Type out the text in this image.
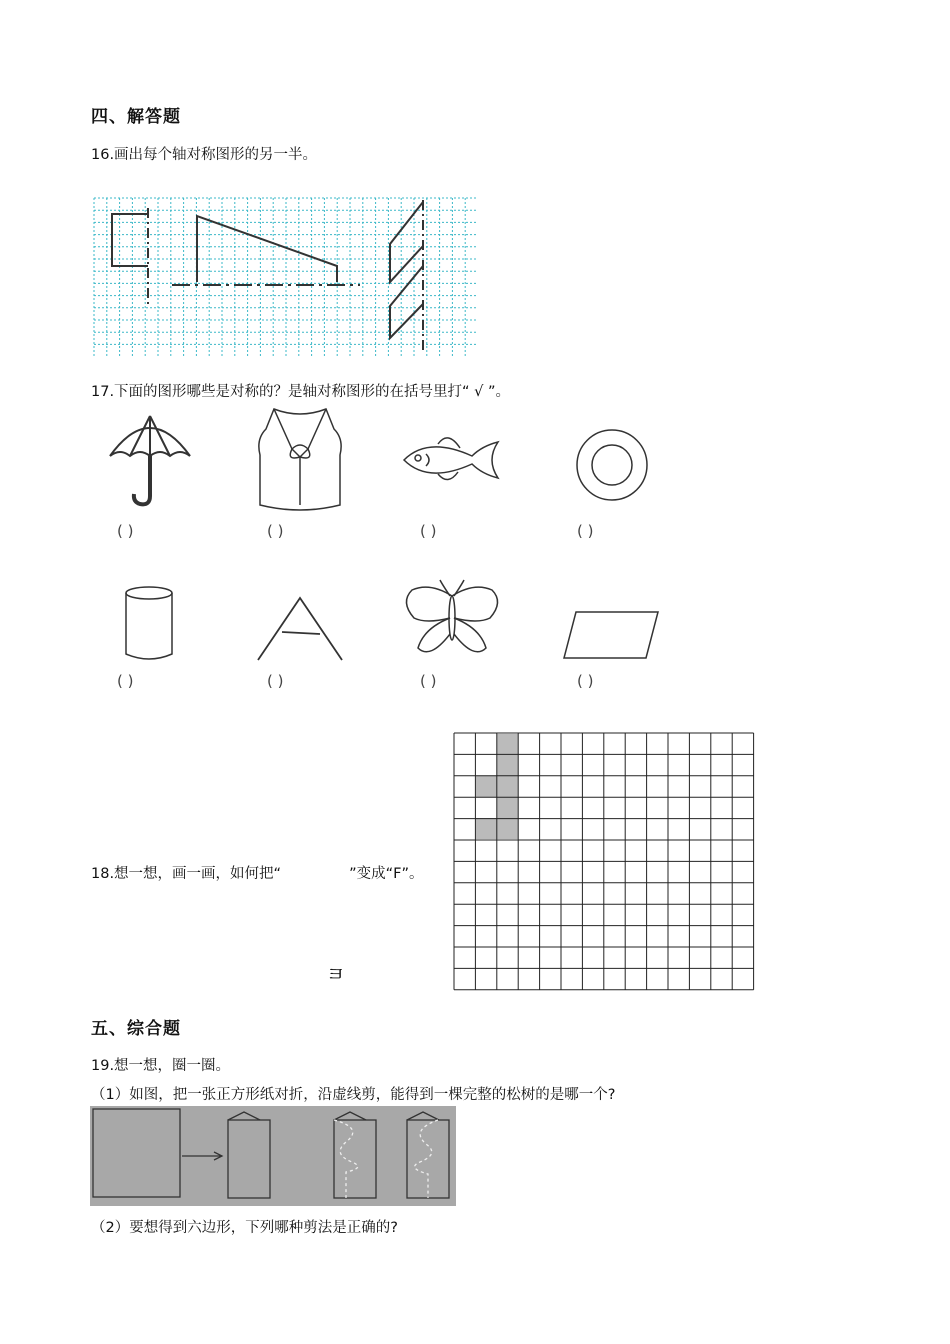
四、解答题
16.画出每个轴对称图形的另一半。
17.下面的图形哪些是对称的？是轴对称图形的在括号里打“ √ ”。
( )	( )	( )	( )
( )	( )	( )	( )
18.想一想，画一画，如何把“	”变成“F”。
ㅌ
五、综合题
19.想一想，圈一圈。
（1）如图，把一张正方形纸对折，沿虚线剪，能得到一棵完整的松树的是哪一个?
（2）要想得到六边形，下列哪种剪法是正确的?
